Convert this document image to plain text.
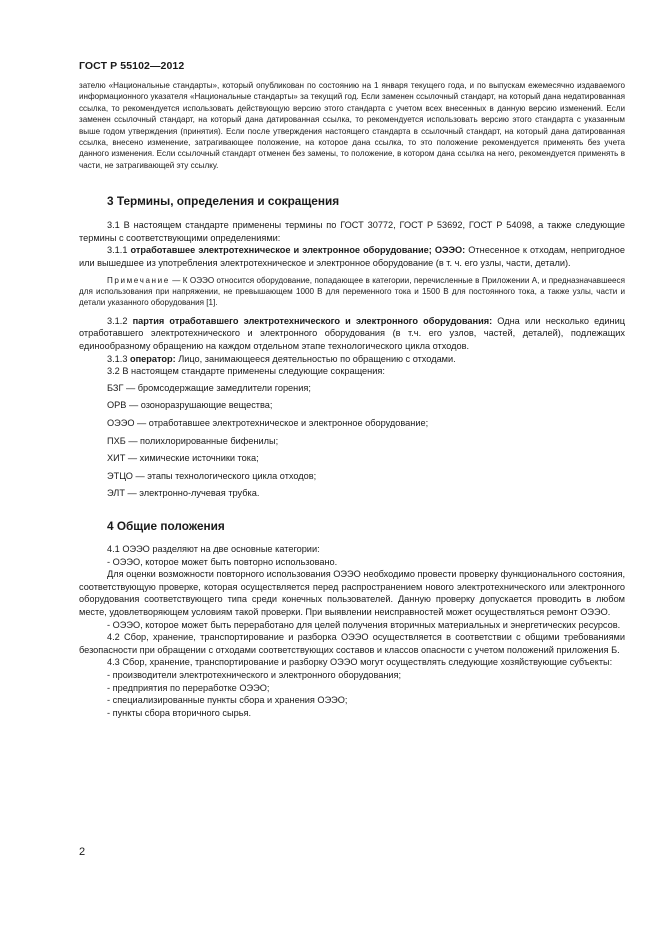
ГОСТ Р 55102—2012

зателю «Национальные стандарты», который опубликован по состоянию на 1 января текущего года, и по выпускам ежемесячно издаваемого информационного указателя «Национальные стандарты» за текущий год. Если заменен ссылочный стандарт, на который дана недатированная ссылка, то рекомендуется использовать действующую версию этого стандарта с учетом всех внесенных в данную версию изменений. Если заменен ссылочный стандарт, на который дана датированная ссылка, то рекомендуется использовать версию этого стандарта с указанным выше годом утверждения (принятия). Если после утверждения настоящего стандарта в ссылочный стандарт, на который дана датированная ссылка, внесено изменение, затрагивающее положение, на которое дана ссылка, то это положение рекомендуется применять без учета данного изменения. Если ссылочный стандарт отменен без замены, то положение, в котором дана ссылка на него, рекомендуется применять в части, не затрагивающей эту ссылку.

3 Термины, определения и сокращения

3.1 В настоящем стандарте применены термины по ГОСТ 30772, ГОСТ Р 53692, ГОСТ Р 54098, а также следующие термины с соответствующими определениями:

3.1.1 отработавшее электротехническое и электронное оборудование; ОЭЭО: Отнесенное к отходам, непригодное или вышедшее из употребления электротехническое и электронное оборудование (в т. ч. его узлы, части, детали).

Примечание — К ОЭЭО относится оборудование, попадающее в категории, перечисленные в Приложении А, и предназначавшееся для использования при напряжении, не превышающем 1000 В для переменного тока и 1500 В для постоянного тока, а также узлы, части и детали указанного оборудования [1].

3.1.2 партия отработавшего электротехнического и электронного оборудования: Одна или несколько единиц отработавшего электротехнического и электронного оборудования (в т.ч. его узлов, частей, деталей), подлежащих единообразному обращению на каждом отдельном этапе технологического цикла отходов.

3.1.3 оператор: Лицо, занимающееся деятельностью по обращению с отходами.

3.2 В настоящем стандарте применены следующие сокращения:

БЗГ — бромсодержащие замедлители горения;

ОРВ — озоноразрушающие вещества;

ОЭЭО — отработавшее электротехническое и электронное оборудование;

ПХБ — полихлорированные бифенилы;

ХИТ — химические источники тока;

ЭТЦО — этапы технологического цикла отходов;

ЭЛТ — электронно-лучевая трубка.

4 Общие положения

4.1 ОЭЭО разделяют на две основные категории:

- ОЭЭО, которое может быть повторно использовано.

Для оценки возможности повторного использования ОЭЭО необходимо провести проверку функционального состояния, соответствующую проверке, которая осуществляется перед распространением нового электротехнического или электронного оборудования соответствующего типа среди конечных пользователей. Данную проверку допускается проводить в любом месте, удовлетворяющем условиям такой проверки. При выявлении неисправностей может осуществляться ремонт ОЭЭО.

- ОЭЭО, которое может быть переработано для целей получения вторичных материальных и энергетических ресурсов.

4.2 Сбор, хранение, транспортирование и разборка ОЭЭО осуществляется в соответствии с общими требованиями безопасности при обращении с отходами соответствующих составов и классов опасности с учетом положений приложения Б.

4.3 Сбор, хранение, транспортирование и разборку ОЭЭО могут осуществлять следующие хозяйствующие субъекты:

- производители электротехнического и электронного оборудования;

- предприятия по переработке ОЭЭО;

- специализированные пункты сбора и хранения ОЭЭО;

- пункты сбора вторичного сырья.

2
